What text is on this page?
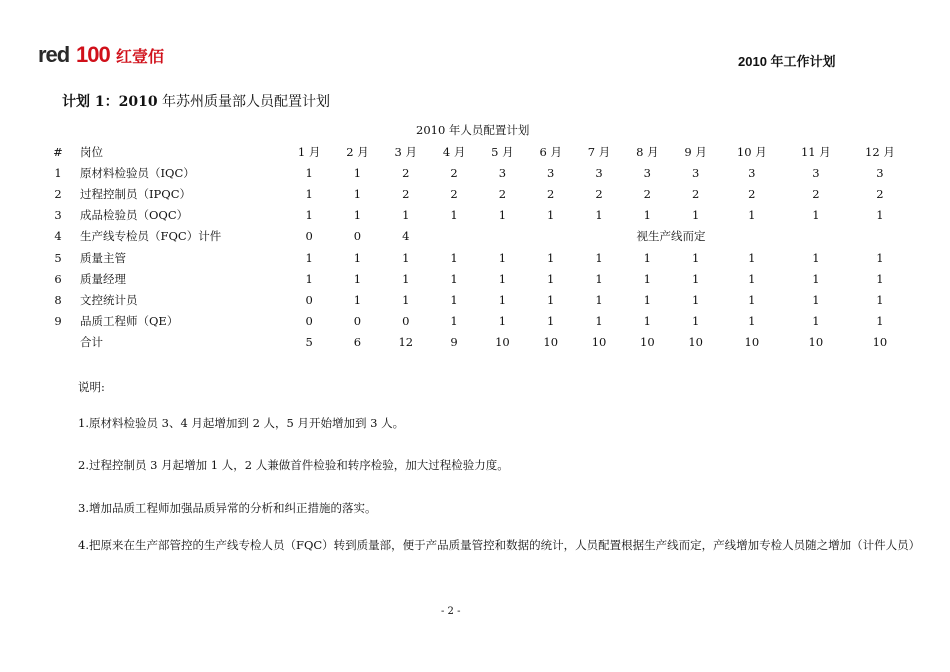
red 100 红壹佰	2010 年工作计划
计划 1：2010 年苏州质量部人员配置计划
2010 年人员配置计划
#	岗位	1 月	2 月	3 月	4 月	5 月	6 月	7 月	8 月	9 月	10 月	11 月	12 月
1	原材料检验员（IQC）	1	1	2	2	3	3	3	3	3	3	3	3
2	过程控制员（IPQC）	1	1	2	2	2	2	2	2	2	2	2	2
3	成品检验员（OQC）	1	1	1	1	1	1	1	1	1	1	1	1
4	生产线专检员（FQC）计件	0	0	4	视生产线而定								
5	质量主管	1	1	1	1	1	1	1	1	1	1	1	1
6	质量经理	1	1	1	1	1	1	1	1	1	1	1	1
8	文控统计员	0	1	1	1	1	1	1	1	1	1	1	1
9	品质工程师（QE）	0	0	0	1	1	1	1	1	1	1	1	1
	合计	5	6	12	9	10	10	10	10	10	10	10	10
说明:
1.原材料检验员 3、4 月起增加到 2 人，5 月开始增加到 3 人。
2.过程控制员 3 月起增加 1 人，2 人兼做首件检验和转序检验，加大过程检验力度。
3.增加品质工程师加强品质异常的分析和纠正措施的落实。
4.把原来在生产部管控的生产线专检人员（FQC）转到质量部，便于产品质量管控和数据的统计，人员配置根据生产线而定，产线增加专检人员随之增加（计件人员）
- 2 -
